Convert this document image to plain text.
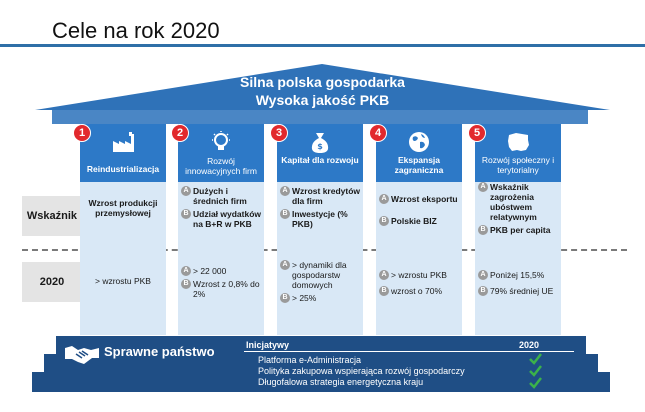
Cele na rok 2020
Silna polska gospodarka
Wysoka jakość PKB
Wskaźnik
2020
1
Reindustrializacja
Wzrost produkcji przemysłowej
> wzrostu PKB
2
Rozwój innowacyjnych firm
A Dużych i średnich firm
B Udział wydatków na B+R w PKB
A > 22 000
B Wzrost z 0,8% do 2%
3
$
Kapitał dla rozwoju
A Wzrost kredytów dla firm
B Inwestycje (% PKB)
A > dynamiki dla gospodarstw domowych
B > 25%
4
Ekspansja zagraniczna
A Wzrost eksportu
B Polskie BIZ
A > wzrostu PKB
B wzrost o 70%
5
Rozwój społeczny i terytorialny
A Wskaźnik zagrożenia ubóstwem relatywnym
B PKB per capita
A Poniżej 15,5%
B 79% średniej UE
Sprawne państwo	Inicjatywy	2020
Platforma e-Administracja
Polityka zakupowa wspierająca rozwój gospodarczy
Długofalowa strategia energetyczna kraju
